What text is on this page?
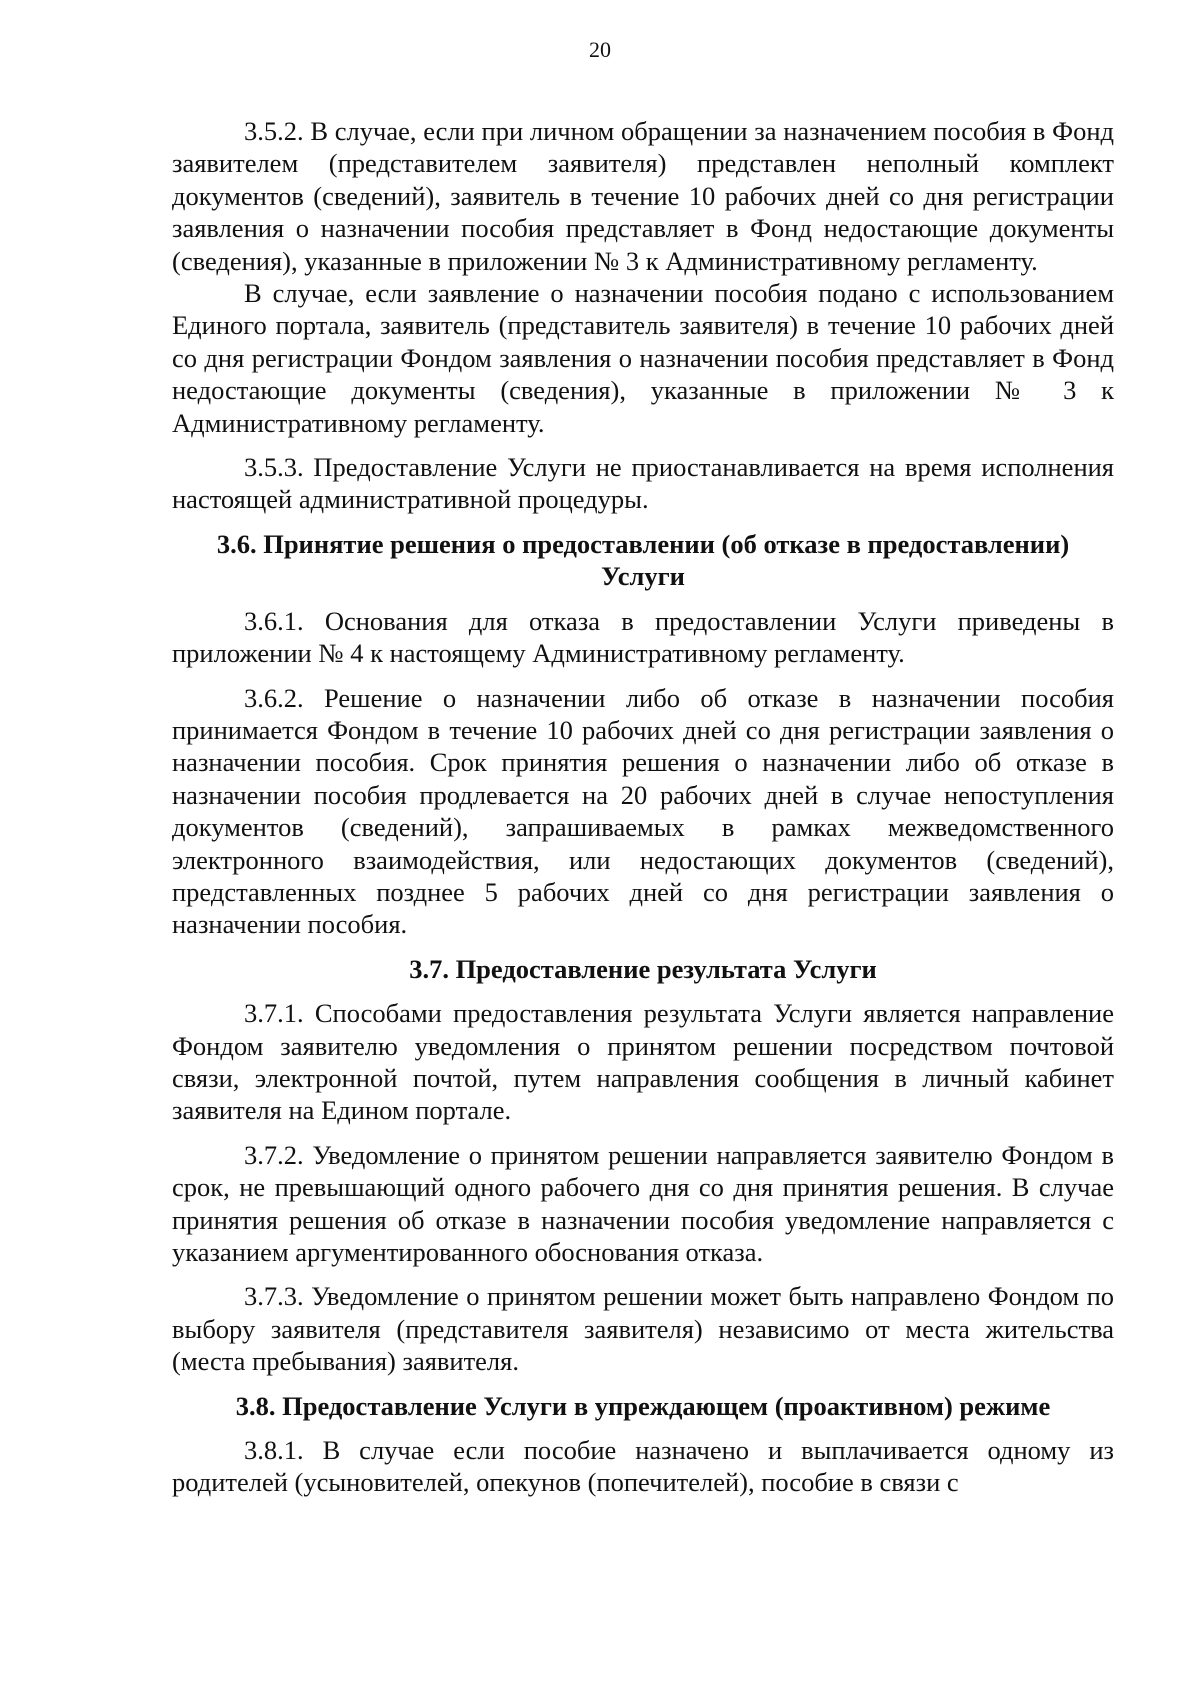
20

3.5.2. В случае, если при личном обращении за назначением пособия в Фонд заявителем (представителем заявителя) представлен неполный комплект документов (сведений), заявитель в течение 10 рабочих дней со дня регистрации заявления о назначении пособия представляет в Фонд недостающие документы (сведения), указанные в приложении № 3 к Административному регламенту.

В случае, если заявление о назначении пособия подано с использованием Единого портала, заявитель (представитель заявителя) в течение 10 рабочих дней со дня регистрации Фондом заявления о назначении пособия представляет в Фонд недостающие документы (сведения), указанные в приложении № 3 к Административному регламенту.

3.5.3. Предоставление Услуги не приостанавливается на время исполнения настоящей административной процедуры.

3.6. Принятие решения о предоставлении (об отказе в предоставлении) Услуги

3.6.1. Основания для отказа в предоставлении Услуги приведены в приложении № 4 к настоящему Административному регламенту.

3.6.2. Решение о назначении либо об отказе в назначении пособия принимается Фондом в течение 10 рабочих дней со дня регистрации заявления о назначении пособия. Срок принятия решения о назначении либо об отказе в назначении пособия продлевается на 20 рабочих дней в случае непоступления документов (сведений), запрашиваемых в рамках межведомственного электронного взаимодействия, или недостающих документов (сведений), представленных позднее 5 рабочих дней со дня регистрации заявления о назначении пособия.

3.7. Предоставление результата Услуги

3.7.1. Способами предоставления результата Услуги является направление Фондом заявителю уведомления о принятом решении посредством почтовой связи, электронной почтой, путем направления сообщения в личный кабинет заявителя на Едином портале.

3.7.2. Уведомление о принятом решении направляется заявителю Фондом в срок, не превышающий одного рабочего дня со дня принятия решения. В случае принятия решения об отказе в назначении пособия уведомление направляется с указанием аргументированного обоснования отказа.

3.7.3. Уведомление о принятом решении может быть направлено Фондом по выбору заявителя (представителя заявителя) независимо от места жительства (места пребывания) заявителя.

3.8. Предоставление Услуги в упреждающем (проактивном) режиме

3.8.1. В случае если пособие назначено и выплачивается одному из родителей (усыновителей, опекунов (попечителей), пособие в связи с
